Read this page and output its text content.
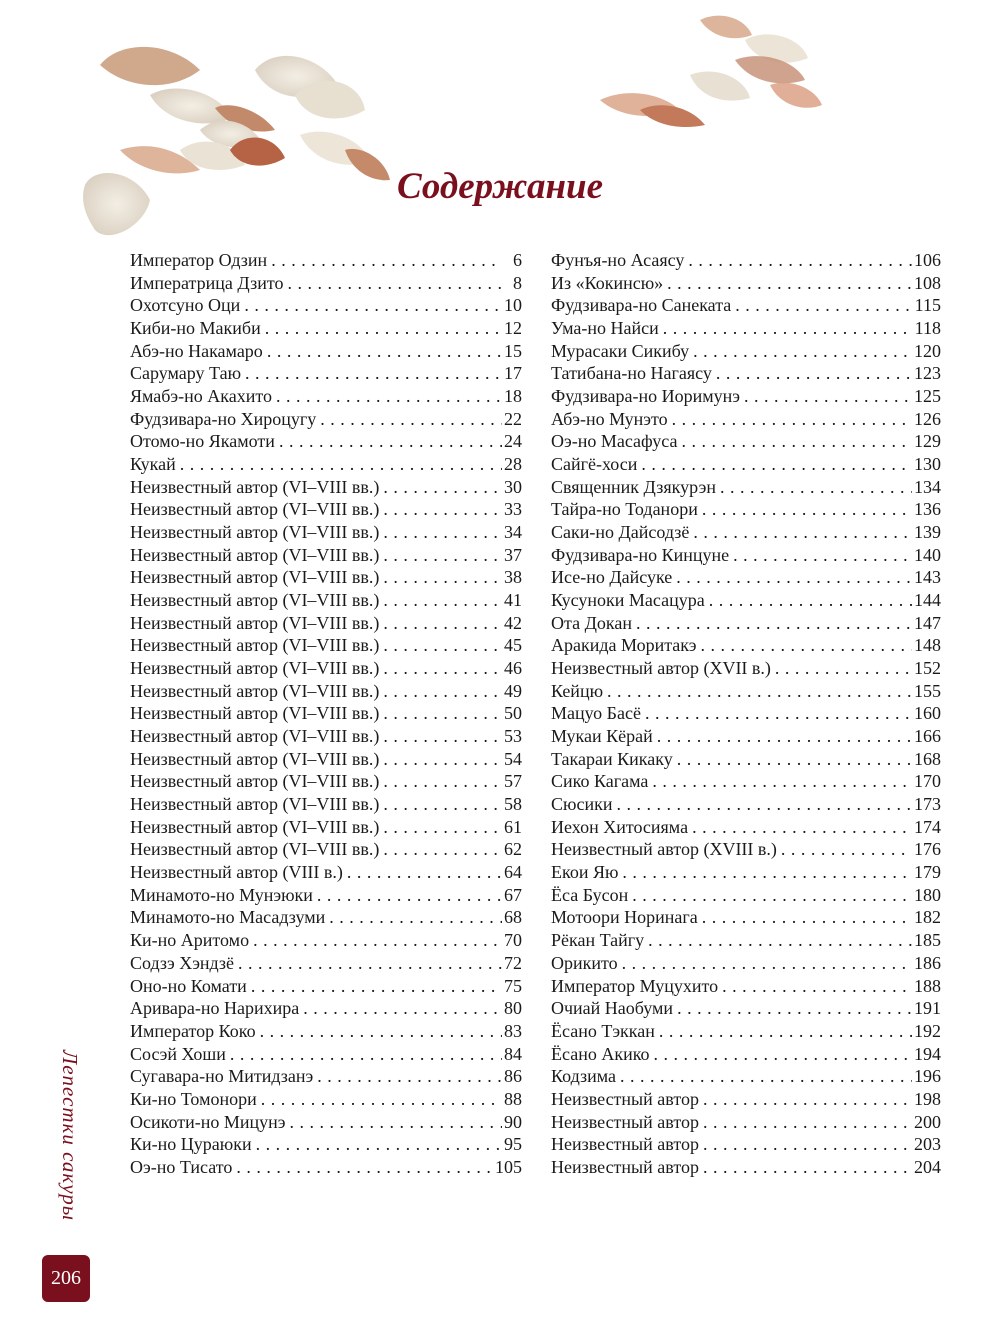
Содержание
Император Одзин . . .	6
Императрица Дзито . . .	8
Охотсуно Оци . . .	10
Киби-но Макиби . . .	12
Абэ-но Накамаро . . .	15
Сарумару Таю . . .	17
Ямабэ-но Акахито . . .	18
Фудзивара-но Хироцугу . . .	22
Отомо-но Якамоти . . .	24
Кукай . . .	28
Неизвестный автор (VI–VIII вв.) . . .	30
Неизвестный автор (VI–VIII вв.) . . .	33
Неизвестный автор (VI–VIII вв.) . . .	34
Неизвестный автор (VI–VIII вв.) . . .	37
Неизвестный автор (VI–VIII вв.) . . .	38
Неизвестный автор (VI–VIII вв.) . . .	41
Неизвестный автор (VI–VIII вв.) . . .	42
Неизвестный автор (VI–VIII вв.) . . .	45
Неизвестный автор (VI–VIII вв.) . . .	46
Неизвестный автор (VI–VIII вв.) . . .	49
Неизвестный автор (VI–VIII вв.) . . .	50
Неизвестный автор (VI–VIII вв.) . . .	53
Неизвестный автор (VI–VIII вв.) . . .	54
Неизвестный автор (VI–VIII вв.) . . .	57
Неизвестный автор (VI–VIII вв.) . . .	58
Неизвестный автор (VI–VIII вв.) . . .	61
Неизвестный автор (VI–VIII вв.) . . .	62
Неизвестный автор (VIII в.) . . .	64
Минамото-но Мунэюки . . .	67
Минамото-но Масадзуми . . .	68
Ки-но Аритомо . . .	70
Содзэ Хэндзё . . .	72
Оно-но Комати . . .	75
Аривара-но Нарихира . . .	80
Император Коко . . .	83
Сосэй Хоши . . .	84
Сугавара-но Митидзанэ . . .	86
Ки-но Томонори . . .	88
Осикоти-но Мицунэ . . .	90
Ки-но Цураюки . . .	95
Оэ-но Тисато . . .	105
Фунъя-но Асаясу . . .	106
Из «Кокинсю» . . .	108
Фудзивара-но Санеката . . .	115
Ума-но Найси . . .	118
Мурасаки Сикибу . . .	120
Татибана-но Нагаясу . . .	123
Фудзивара-но Иоримунэ . . .	125
Абэ-но Мунэто . . .	126
Оэ-но Масафуса . . .	129
Сайгё-хоси . . .	130
Священник Дзякурэн . . .	134
Тайра-но Тоданори . . .	136
Саки-но Дайсодзё . . .	139
Фудзивара-но Кинцуне . . .	140
Исе-но Дайсуке . . .	143
Кусуноки Масацура . . .	144
Ота Докан . . .	147
Аракида Моритакэ . . .	148
Неизвестный автор (XVII в.) . . .	152
Кейцю . . .	155
Мацуо Басё . . .	160
Мукаи Кёрай . . .	166
Такараи Кикаку . . .	168
Сико Кагама . . .	170
Сюсики . . .	173
Иехон Хитосияма . . .	174
Неизвестный автор (XVIII в.) . . .	176
Екои Яю . . .	179
Ёса Бусон . . .	180
Мотоори Норинага . . .	182
Рёкан Тайгу . . .	185
Орикито . . .	186
Император Муцухито . . .	188
Очиай Наобуми . . .	191
Ёсано Тэккан . . .	192
Ёсано Акико . . .	194
Кодзима . . .	196
Неизвестный автор . . .	198
Неизвестный автор . . .	200
Неизвестный автор . . .	203
Неизвестный автор . . .	204
Лепестки сакуры
206
